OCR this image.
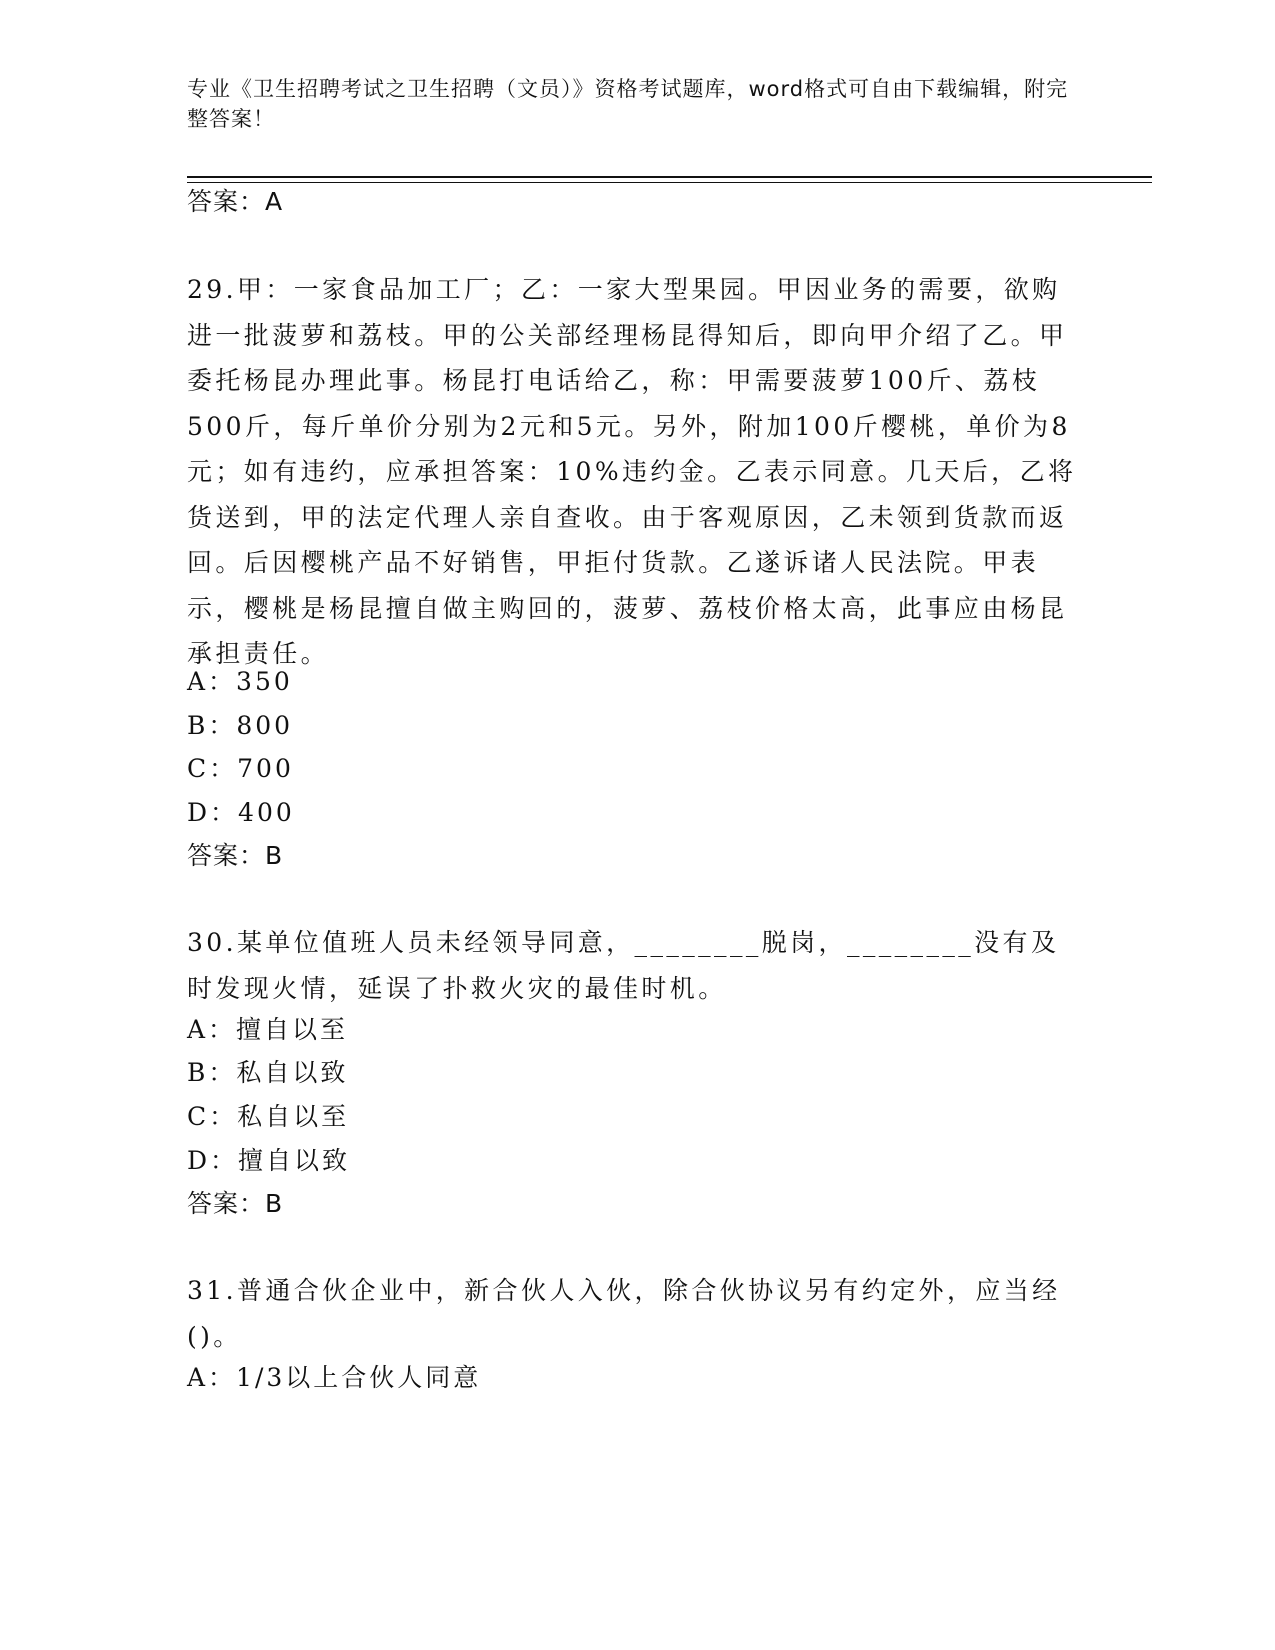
专业《卫生招聘考试之卫生招聘（文员）》资格考试题库，word格式可自由下载编辑，附完整答案！
答案：A
29.甲：一家食品加工厂；乙：一家大型果园。甲因业务的需要，欲购进一批菠萝和荔枝。甲的公关部经理杨昆得知后，即向甲介绍了乙。甲委托杨昆办理此事。杨昆打电话给乙，称：甲需要菠萝100斤、荔枝500斤，每斤单价分别为2元和5元。另外，附加100斤樱桃，单价为8元；如有违约，应承担答案：10%违约金。乙表示同意。几天后，乙将货送到，甲的法定代理人亲自查收。由于客观原因，乙未领到货款而返回。后因樱桃产品不好销售，甲拒付货款。乙遂诉诸人民法院。甲表示，樱桃是杨昆擅自做主购回的，菠萝、荔枝价格太高，此事应由杨昆承担责任。
A：350
B：800
C：700
D：400
答案：B
30.某单位值班人员未经领导同意，________脱岗，________没有及时发现火情，延误了扑救火灾的最佳时机。
A：擅自以至
B：私自以致
C：私自以至
D：擅自以致
答案：B
31.普通合伙企业中，新合伙人入伙，除合伙协议另有约定外，应当经()。
A：1/3以上合伙人同意
